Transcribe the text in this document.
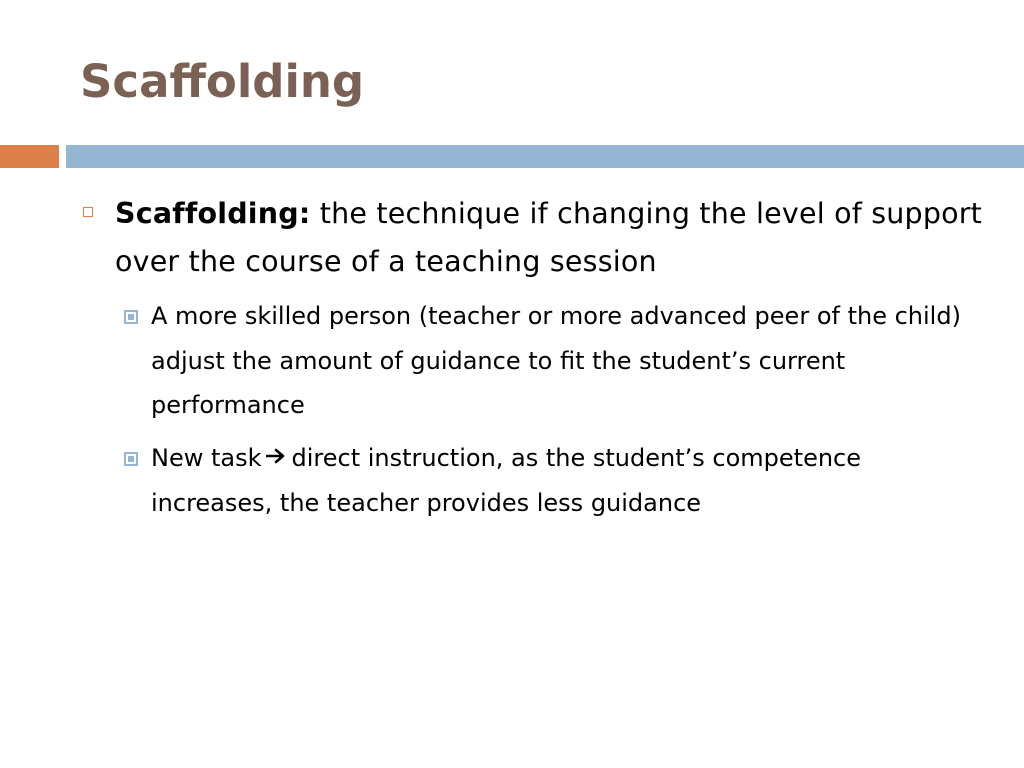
Scaffolding
Scaffolding: the technique if changing the level of support over the course of a teaching session
A more skilled person (teacher or more advanced peer of the child) adjust the amount of guidance to fit the student’s current performance
New task direct instruction, as the student’s competence increases, the teacher provides less guidance
